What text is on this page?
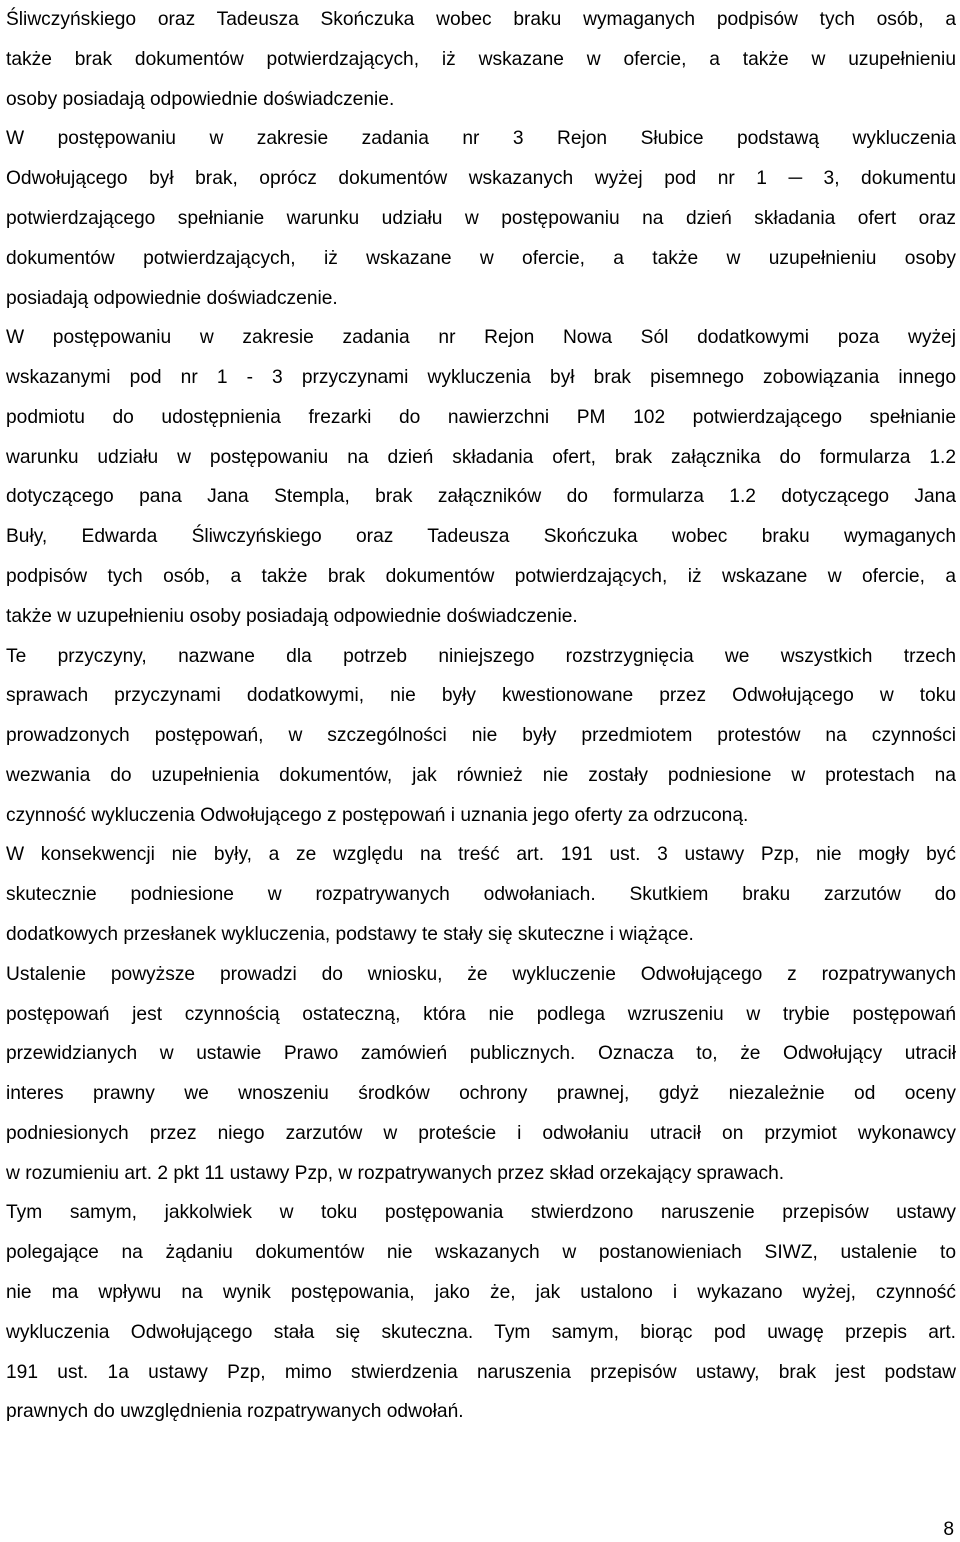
Śliwczyńskiego oraz Tadeusza Skończuka wobec braku wymaganych podpisów tych osób, a
także brak dokumentów potwierdzających, iż wskazane w ofercie, a także w uzupełnieniu
osoby posiadają odpowiednie doświadczenie.
W postępowaniu w zakresie zadania nr 3 Rejon Słubice podstawą wykluczenia
Odwołującego był brak, oprócz dokumentów wskazanych wyżej pod nr 1 ─ 3, dokumentu
potwierdzającego spełnianie warunku udziału w postępowaniu na dzień składania ofert oraz
dokumentów potwierdzających, iż wskazane w ofercie, a także w uzupełnieniu osoby
posiadają odpowiednie doświadczenie.
W postępowaniu w zakresie zadania nr Rejon Nowa Sól dodatkowymi poza wyżej
wskazanymi pod nr 1 - 3 przyczynami wykluczenia był brak pisemnego zobowiązania innego
podmiotu do udostępnienia frezarki do nawierzchni PM 102 potwierdzającego spełnianie
warunku udziału w postępowaniu na dzień składania ofert, brak załącznika do formularza 1.2
dotyczącego pana Jana Stempla, brak załączników do formularza 1.2 dotyczącego Jana
Buły, Edwarda Śliwczyńskiego oraz Tadeusza Skończuka wobec braku wymaganych
podpisów tych osób, a także brak dokumentów potwierdzających, iż wskazane w ofercie, a
także w uzupełnieniu osoby posiadają odpowiednie doświadczenie.
Te przyczyny, nazwane dla potrzeb niniejszego rozstrzygnięcia we wszystkich trzech
sprawach przyczynami dodatkowymi, nie były kwestionowane przez Odwołującego w toku
prowadzonych postępowań, w szczególności nie były przedmiotem protestów na czynności
wezwania do uzupełnienia dokumentów, jak również nie zostały podniesione w protestach na
czynność wykluczenia Odwołującego z postępowań i uznania jego oferty za odrzuconą.
W konsekwencji nie były, a ze względu na treść art. 191 ust. 3 ustawy Pzp, nie mogły być
skutecznie podniesione w rozpatrywanych odwołaniach. Skutkiem braku zarzutów do
dodatkowych przesłanek wykluczenia, podstawy te stały się skuteczne i wiążące.
Ustalenie powyższe prowadzi do wniosku, że wykluczenie Odwołującego z rozpatrywanych
postępowań jest czynnością ostateczną, która nie podlega wzruszeniu w trybie postępowań
przewidzianych w ustawie Prawo zamówień publicznych. Oznacza to, że Odwołujący utracił
interes prawny we wnoszeniu środków ochrony prawnej, gdyż niezależnie od oceny
podniesionych przez niego zarzutów w proteście i odwołaniu utracił on przymiot wykonawcy
w rozumieniu art. 2 pkt 11 ustawy Pzp, w rozpatrywanych przez skład orzekający sprawach.
Tym samym, jakkolwiek w toku postępowania stwierdzono naruszenie przepisów ustawy
polegające na żądaniu dokumentów nie wskazanych w postanowieniach SIWZ, ustalenie to
nie ma wpływu na wynik postępowania, jako że, jak ustalono i wykazano wyżej, czynność
wykluczenia Odwołującego stała się skuteczna. Tym samym, biorąc pod uwagę przepis art.
191 ust. 1a ustawy Pzp, mimo stwierdzenia naruszenia przepisów ustawy, brak jest podstaw
prawnych do uwzględnienia rozpatrywanych odwołań.
8
